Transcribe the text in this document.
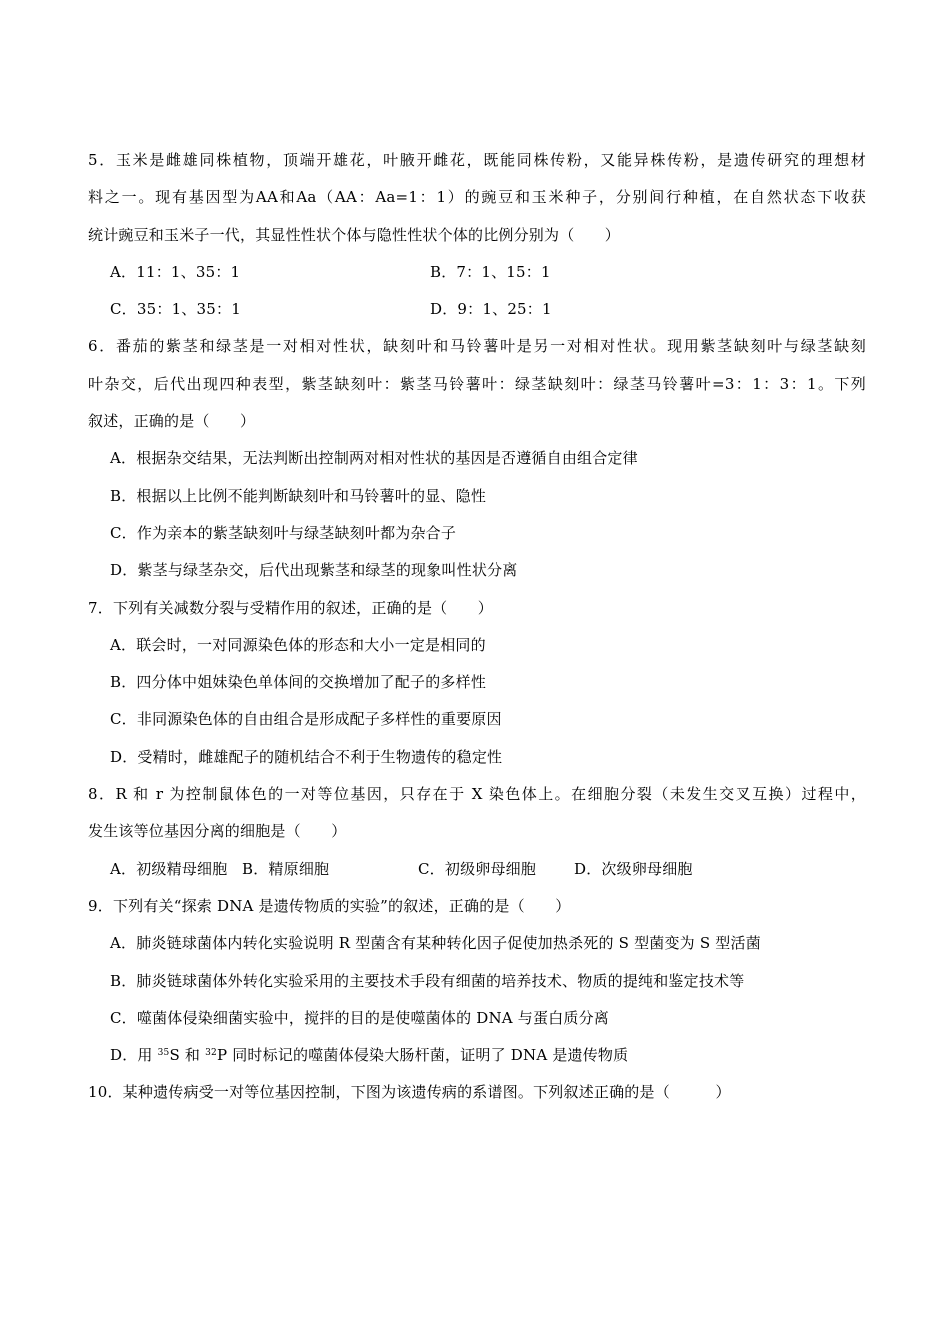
5．玉米是雌雄同株植物，顶端开雄花，叶腋开雌花，既能同株传粉，又能异株传粉，是遗传研究的理想材
料之一。现有基因型为AA和Aa（AA：Aa=1：1）的豌豆和玉米种子，分别间行种植，在自然状态下收获
统计豌豆和玉米子一代，其显性性状个体与隐性性状个体的比例分别为（　　）
A．11：1、35：1	B．7：1、15：1
C．35：1、35：1	D．9：1、25：1
6．番茄的紫茎和绿茎是一对相对性状，缺刻叶和马铃薯叶是另一对相对性状。现用紫茎缺刻叶与绿茎缺刻
叶杂交，后代出现四种表型，紫茎缺刻叶：紫茎马铃薯叶：绿茎缺刻叶：绿茎马铃薯叶=3：1：3：1。下列
叙述，正确的是（　　）
A．根据杂交结果，无法判断出控制两对相对性状的基因是否遵循自由组合定律
B．根据以上比例不能判断缺刻叶和马铃薯叶的显、隐性
C．作为亲本的紫茎缺刻叶与绿茎缺刻叶都为杂合子
D．紫茎与绿茎杂交，后代出现紫茎和绿茎的现象叫性状分离
7．下列有关减数分裂与受精作用的叙述，正确的是（　　）
A．联会时，一对同源染色体的形态和大小一定是相同的
B．四分体中姐妹染色单体间的交换增加了配子的多样性
C．非同源染色体的自由组合是形成配子多样性的重要原因
D．受精时，雌雄配子的随机结合不利于生物遗传的稳定性
8．R 和 r 为控制鼠体色的一对等位基因，只存在于 X 染色体上。在细胞分裂（未发生交叉互换）过程中，
发生该等位基因分离的细胞是（　　）
A．初级精母细胞 B．精原细胞	C．初级卵母细胞	D．次级卵母细胞
9．下列有关“探索 DNA 是遗传物质的实验”的叙述，正确的是（　　）
A．肺炎链球菌体内转化实验说明 R 型菌含有某种转化因子促使加热杀死的 S 型菌变为 S 型活菌
B．肺炎链球菌体外转化实验采用的主要技术手段有细菌的培养技术、物质的提纯和鉴定技术等
C．噬菌体侵染细菌实验中，搅拌的目的是使噬菌体的 DNA 与蛋白质分离
D．用 $^{35}$S 和 $^{32}$P 同时标记的噬菌体侵染大肠杆菌，证明了 DNA 是遗传物质
10．某种遗传病受一对等位基因控制，下图为该遗传病的系谱图。下列叙述正确的是（　　　）
